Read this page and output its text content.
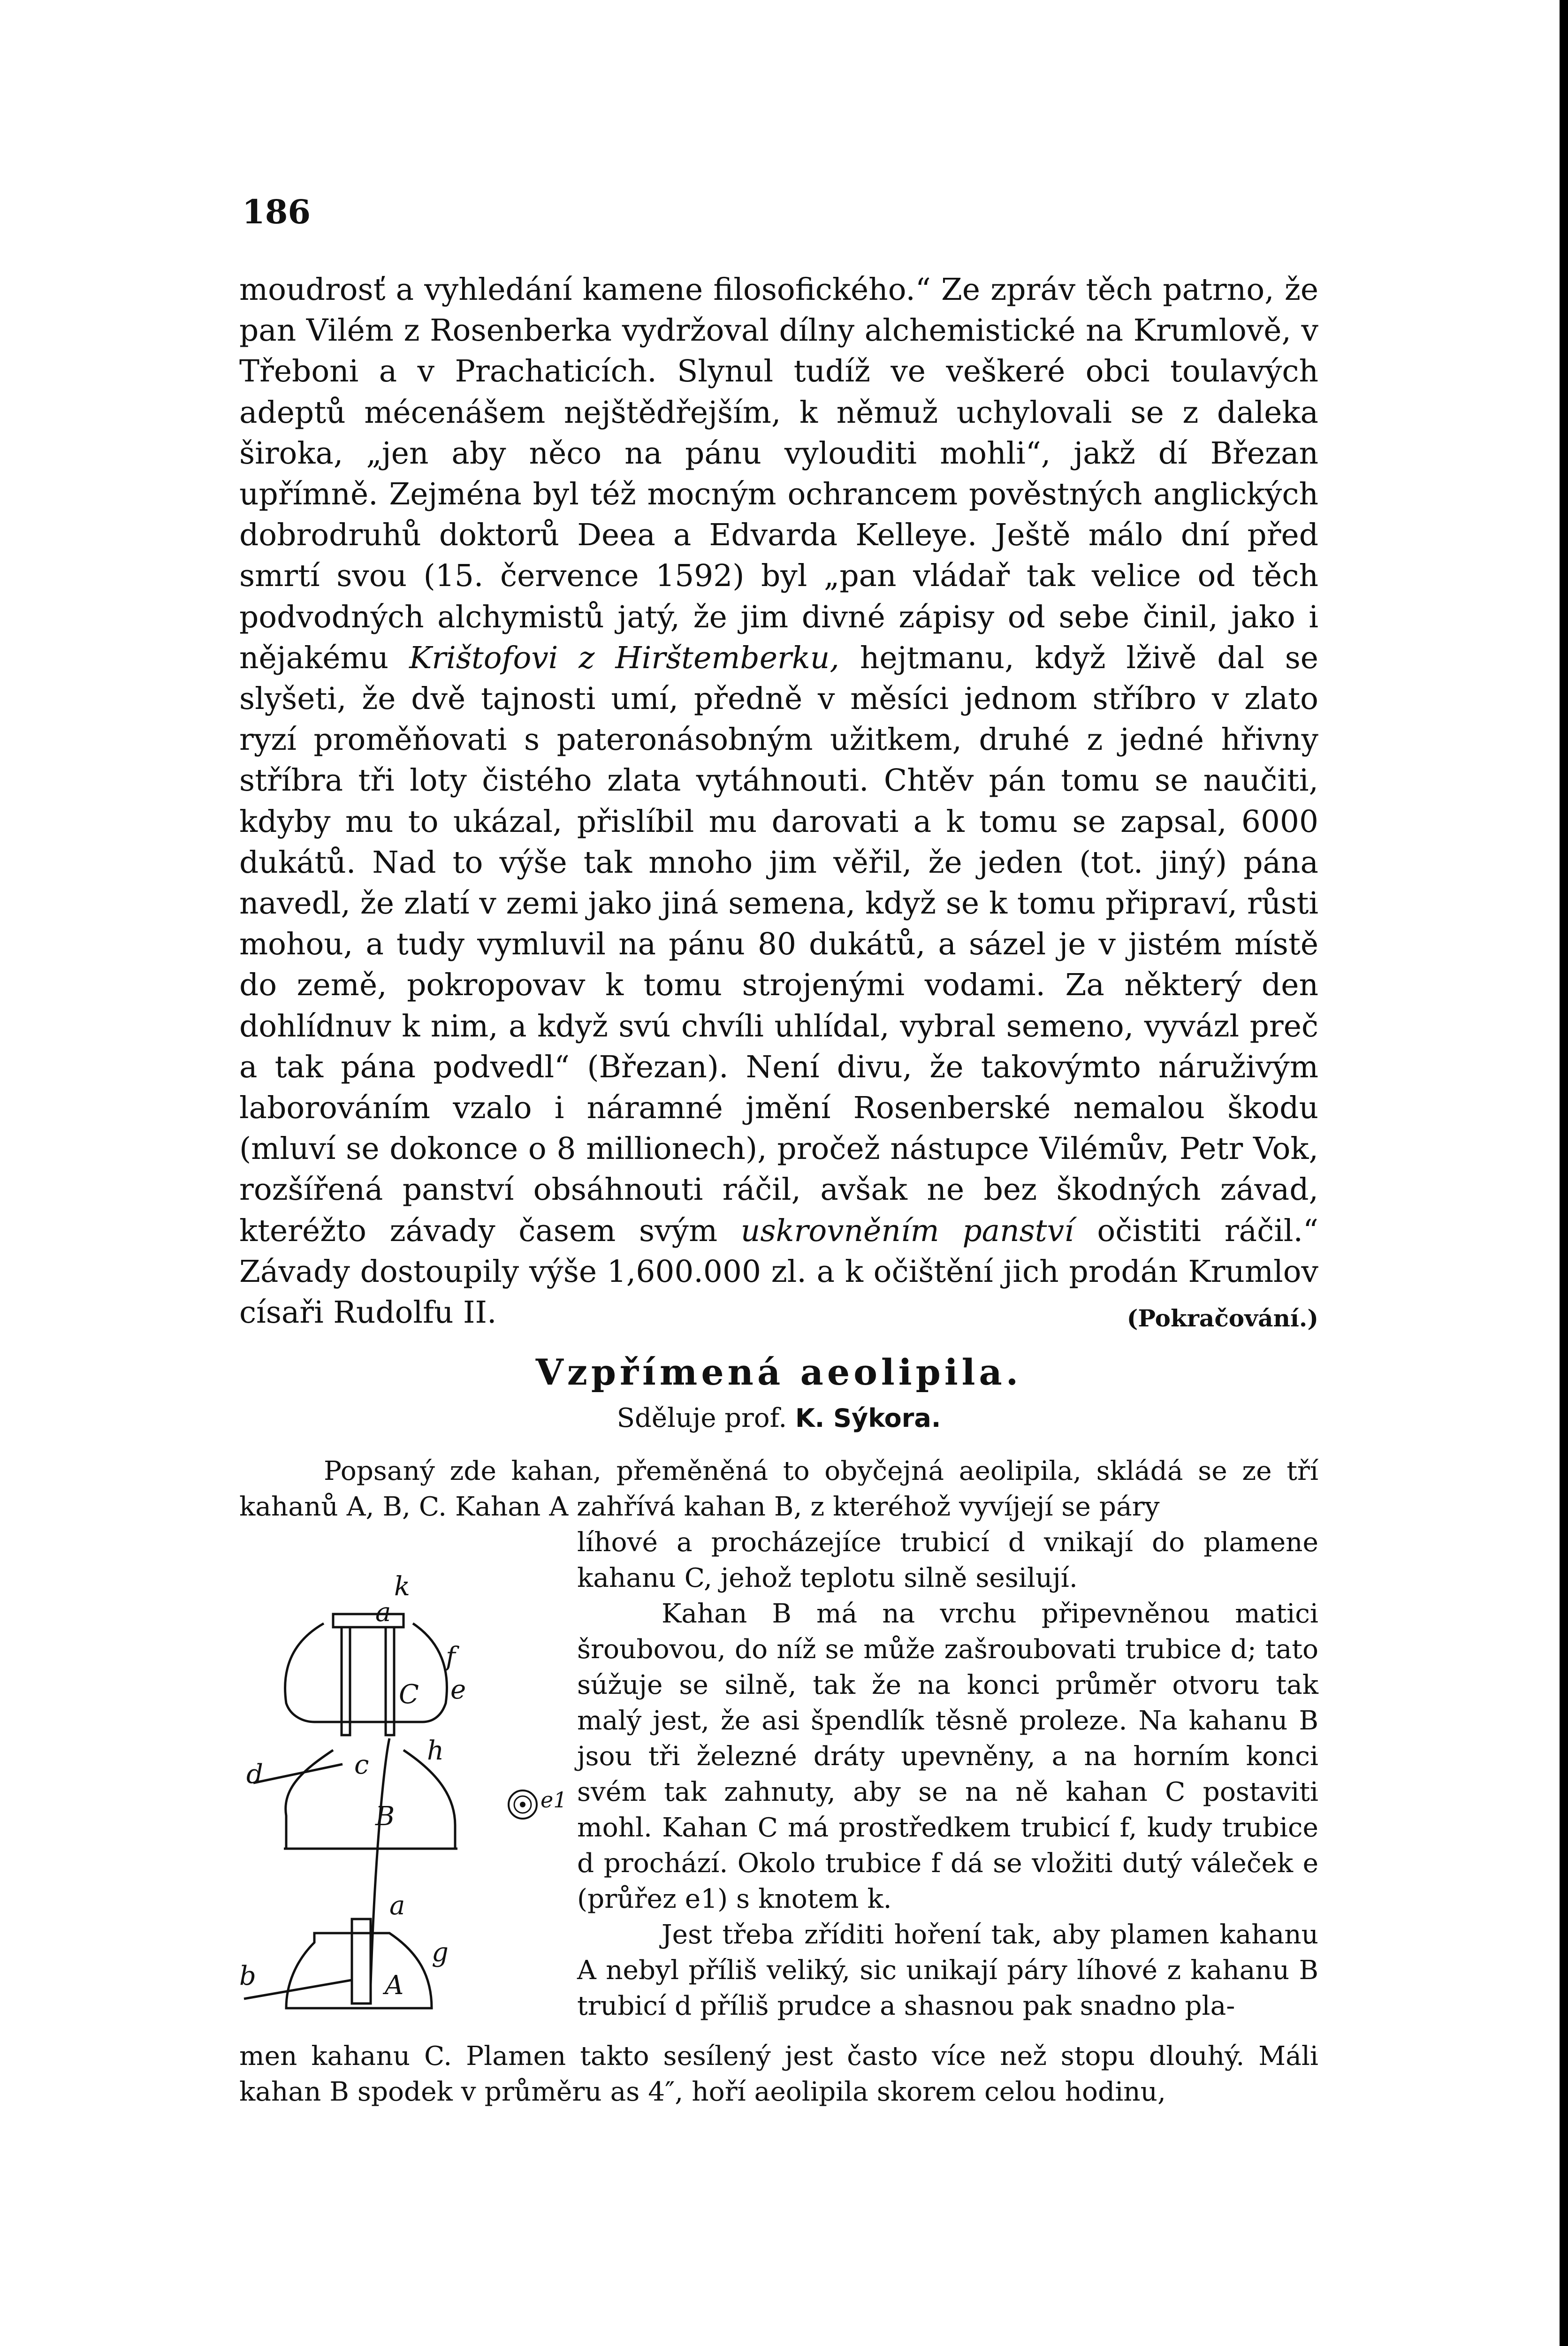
186

moudrosť a vyhledání kamene filosofického.“ Ze zpráv těch patrno, že pan Vilém z Rosenberka vydržoval dílny alchemistické na Krumlově, v Třeboni a v Prachaticích. Slynul tudíž ve veškeré obci toulavých adeptů mécenášem nejštědřejším, k němuž uchylovali se z daleka široka, „jen aby něco na pánu vylouditi mohli“, jakž dí Březan upřímně. Zejména byl též mocným ochrancem pověstných anglických dobrodruhů doktorů Deea a Edvarda Kelleye. Ještě málo dní před smrtí svou (15. července 1592) byl „pan vládař tak velice od těch podvodných alchymistů jatý, že jim divné zápisy od sebe činil, jako i nějakému Krištofovi z Hirštemberku, hejtmanu, když lživě dal se slyšeti, že dvě tajnosti umí, předně v měsíci jednom stříbro v zlato ryzí proměňovati s pateronásobným užitkem, druhé z jedné hřivny stříbra tři loty čistého zlata vytáhnouti. Chtěv pán tomu se naučiti, kdyby mu to ukázal, přislíbil mu darovati a k tomu se zapsal, 6000 dukátů. Nad to výše tak mnoho jim věřil, že jeden (tot. jiný) pána navedl, že zlatí v zemi jako jiná semena, když se k tomu připraví, růsti mohou, a tudy vymluvil na pánu 80 dukátů, a sázel je v jistém místě do země, pokropovav k tomu strojenými vodami. Za některý den dohlídnuv k nim, a když svú chvíli uhlídal, vybral semeno, vyvázl preč a tak pána podvedl“ (Březan). Není divu, že takovýmto náruživým laborováním vzalo i náramné jmění Rosenberské nemalou škodu (mluví se dokonce o 8 millionech), pročež nástupce Vilémův, Petr Vok, rozšířená panství obsáhnouti ráčil, avšak ne bez škodných závad, kteréžto závady časem svým uskrovněním panství očistiti ráčil.“ Závady dostoupily výše 1,600.000 zl. a k očištění jich prodán Krumlov císaři Rudolfu II.	(Pokračování.)

Vzpřímená aeolipila.
Sděluje prof. K. Sýkora.

Popsaný zde kahan, přeměněná to obyčejná aeolipila, skládá se ze tří kahanů A, B, C. Kahan A zahřívá kahan B, z kteréhož vyvíjejí se páry

líhové a procházejíce trubicí d vnikají do plamene kahanu C, jehož teplotu silně sesilují.

Kahan B má na vrchu připevněnou matici šroubovou, do níž se může zašroubovati trubice d; tato súžuje se silně, tak že na konci průměr otvoru tak malý jest, že asi špendlík těsně proleze. Na kahanu B jsou tři železné dráty upevněny, a na horním konci svém tak zahnuty, aby se na ně kahan C postaviti mohl. Kahan C má prostředkem trubicí f, kudy trubice d prochází. Okolo trubice f dá se vložiti dutý váleček e (průřez e1) s knotem k.

Jest třeba zříditi hoření tak, aby plamen kahanu A nebyl příliš veliký, sic unikají páry líhové z kahanu B trubicí d příliš prudce a shasnou pak snadno pla-

men kahanu C. Plamen takto sesílený jest často více než stopu dlouhý. Máli kahan B spodek v průměru as 4″, hoří aeolipila skorem celou hodinu,

k
a
f
C e
d	c h
B
a
b
g
A
e1
